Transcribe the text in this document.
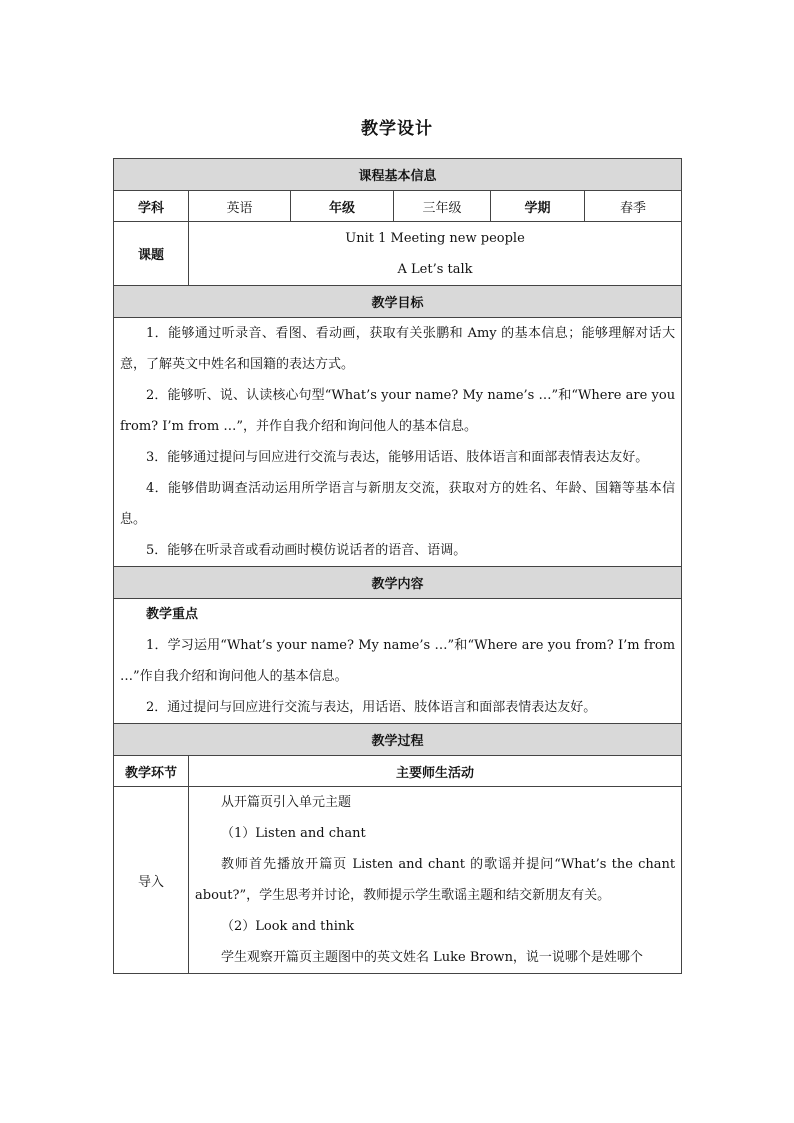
教学设计
课程基本信息					
学科	英语	年级	三年级	学期	春季
课题	Unit 1 Meeting new people
A Let’s talk				

教学目标					

1．能够通过听录音、看图、看动画，获取有关张鹏和 Amy 的基本信息；能够理解对话大意，了解英文中姓名和国籍的表达方式。

2．能够听、说、认读核心句型“What’s your name? My name’s …”和“Where are you from? I’m from …”，并作自我介绍和询问他人的基本信息。

3．能够通过提问与回应进行交流与表达，能够用话语、肢体语言和面部表情表达友好。

4．能够借助调查活动运用所学语言与新朋友交流，获取对方的姓名、年龄、国籍等基本信息。

5．能够在听录音或看动画时模仿说话者的语音、语调。					

教学内容					

教学重点

1．学习运用“What’s your name? My name’s …”和“Where are you from? I’m from …”作自我介绍和询问他人的基本信息。

2．通过提问与回应进行交流与表达，用话语、肢体语言和面部表情表达友好。					

教学过程					
教学环节	主要师生活动				
导入	从开篇页引入单元主题

（1）Listen and chant

教师首先播放开篇页 Listen and chant 的歌谣并提问“What’s the chant about?”，学生思考并讨论，教师提示学生歌谣主题和结交新朋友有关。

（2）Look and think

学生观察开篇页主题图中的英文姓名 Luke Brown，说一说哪个是姓哪个				
